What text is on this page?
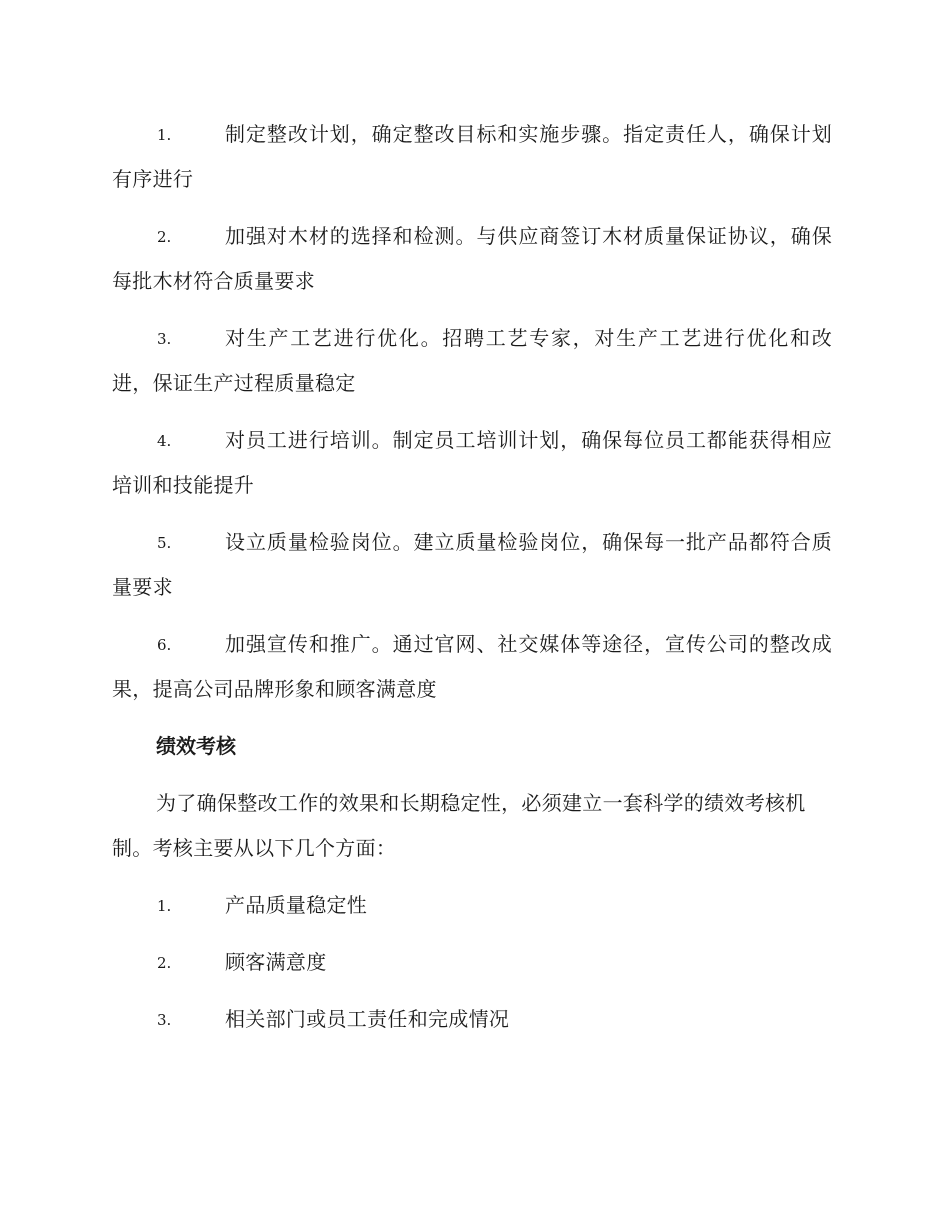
1.	制定整改计划，确定整改目标和实施步骤。指定责任人，确保计划有序进行
2.	加强对木材的选择和检测。与供应商签订木材质量保证协议，确保每批木材符合质量要求
3.	对生产工艺进行优化。招聘工艺专家，对生产工艺进行优化和改进，保证生产过程质量稳定
4.	对员工进行培训。制定员工培训计划，确保每位员工都能获得相应培训和技能提升
5.	设立质量检验岗位。建立质量检验岗位，确保每一批产品都符合质量要求
6.	加强宣传和推广。通过官网、社交媒体等途径，宣传公司的整改成果，提高公司品牌形象和顾客满意度
绩效考核
为了确保整改工作的效果和长期稳定性，必须建立一套科学的绩效考核机制。考核主要从以下几个方面：
1.	产品质量稳定性
2.	顾客满意度
3.	相关部门或员工责任和完成情况
